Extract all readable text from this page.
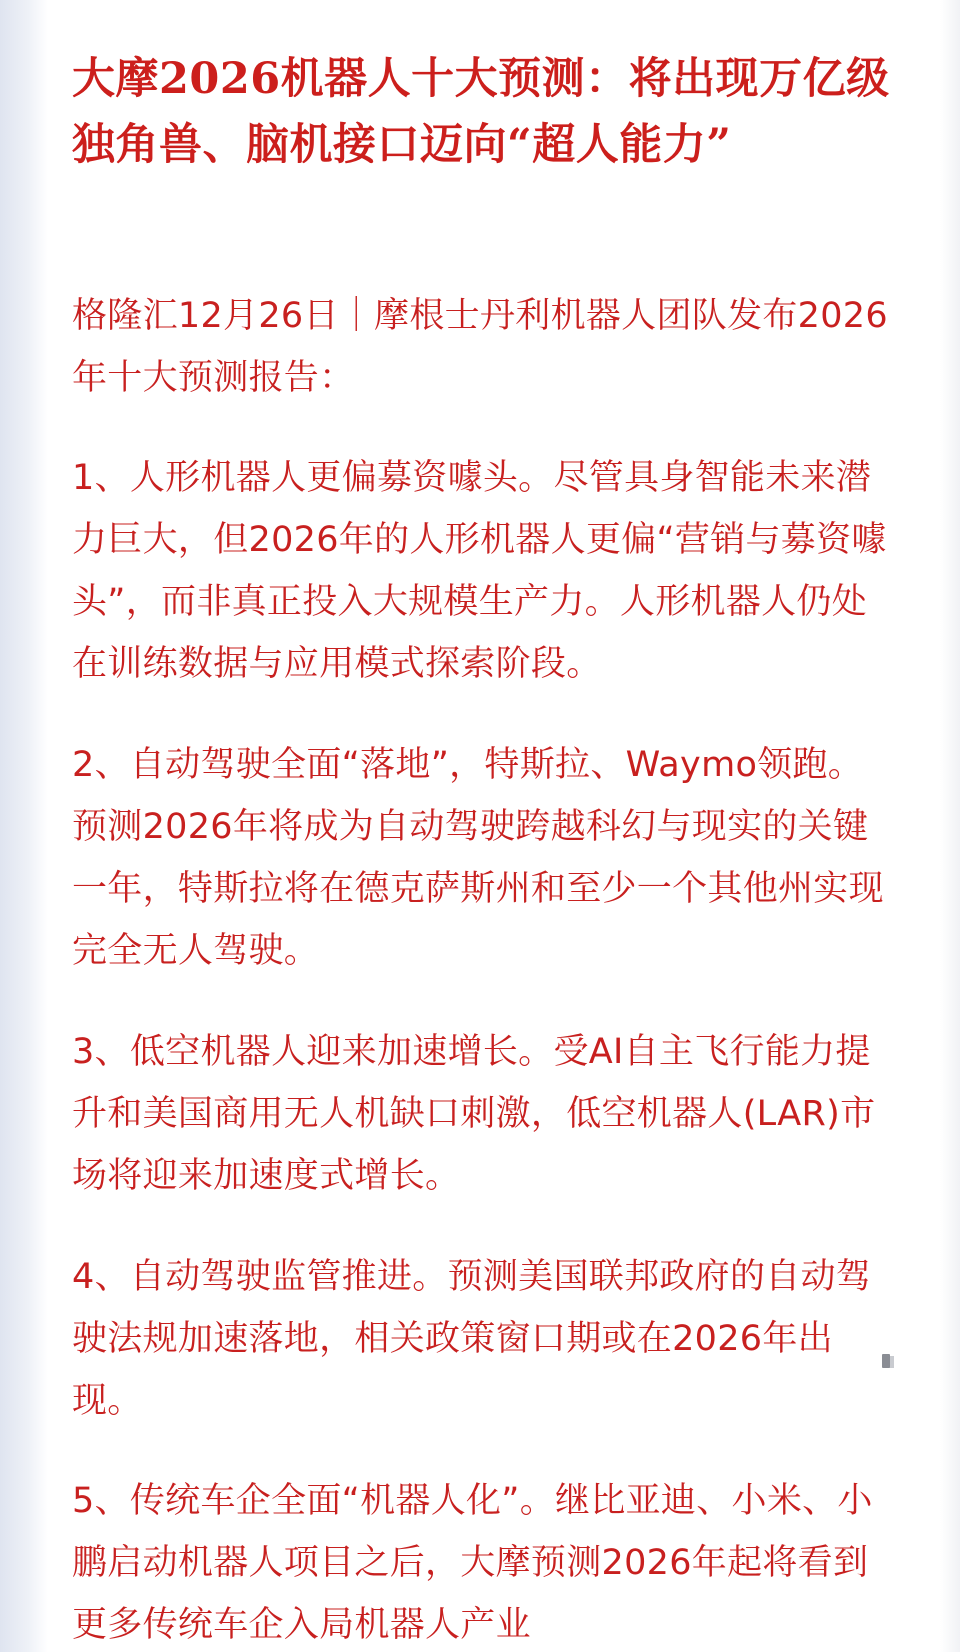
大摩2026机器人十大预测：将出现万亿级独角兽、脑机接口迈向“超人能力”

格隆汇12月26日｜摩根士丹利机器人团队发布2026年十大预测报告：

1、人形机器人更偏募资噱头。尽管具身智能未来潜力巨大，但2026年的人形机器人更偏“营销与募资噱头”，而非真正投入大规模生产力。人形机器人仍处在训练数据与应用模式探索阶段。

2、自动驾驶全面“落地”，特斯拉、Waymo领跑。预测2026年将成为自动驾驶跨越科幻与现实的关键一年，特斯拉将在德克萨斯州和至少一个其他州实现完全无人驾驶。

3、低空机器人迎来加速增长。受AI自主飞行能力提升和美国商用无人机缺口刺激，低空机器人(LAR)市场将迎来加速度式增长。

4、自动驾驶监管推进。预测美国联邦政府的自动驾驶法规加速落地，相关政策窗口期或在2026年出现。

5、传统车企全面“机器人化”。继比亚迪、小米、小鹏启动机器人项目之后，大摩预测2026年起将看到更多传统车企入局机器人产业
